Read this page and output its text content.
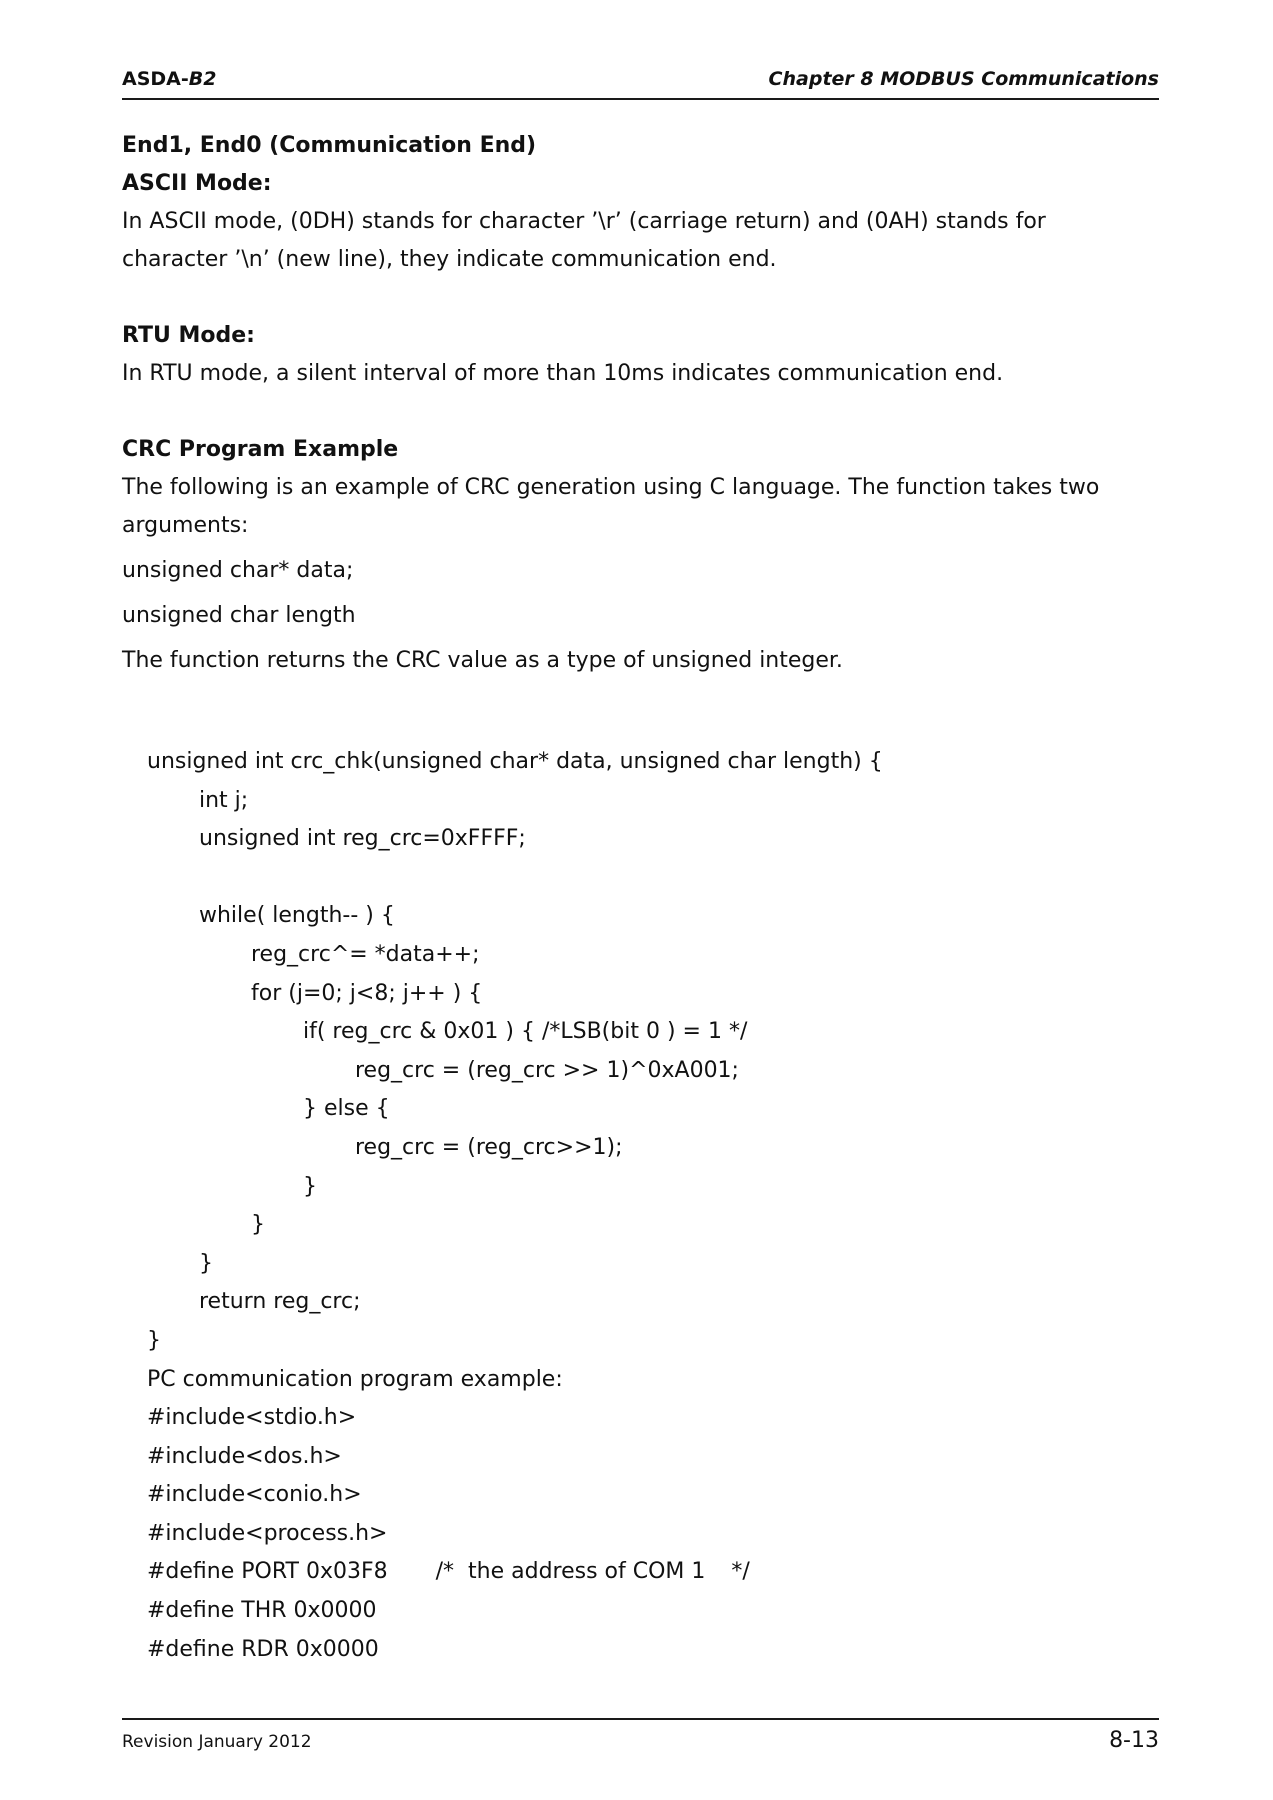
ASDA-B2	Chapter 8 MODBUS Communications

End1, End0 (Communication End)

ASCII Mode:

In ASCII mode, (0DH) stands for character ’\r’ (carriage return) and (0AH) stands for

character ’\n’ (new line), they indicate communication end.

RTU Mode:

In RTU mode, a silent interval of more than 10ms indicates communication end.

CRC Program Example

The following is an example of CRC generation using C language. The function takes two

arguments:

unsigned char* data;

unsigned char length

The function returns the CRC value as a type of unsigned integer.

unsigned int crc_chk(unsigned char* data, unsigned char length) {
int j;
unsigned int reg_crc=0xFFFF;
while( length-- ) {
reg_crc^= *data++;
for (j=0; j<8; j++ ) {
if( reg_crc & 0x01 ) { /*LSB(bit 0 ) = 1 */
reg_crc = (reg_crc >> 1)^0xA001;
} else {
reg_crc = (reg_crc>>1);
}
}
}
return reg_crc;
}
PC communication program example:
#include<stdio.h>
#include<dos.h>
#include<conio.h>
#include<process.h>
#define PORT 0x03F8 /*  the address of COM 1 */
#define THR 0x0000
#define RDR 0x0000
Revision January 2012	8-13
